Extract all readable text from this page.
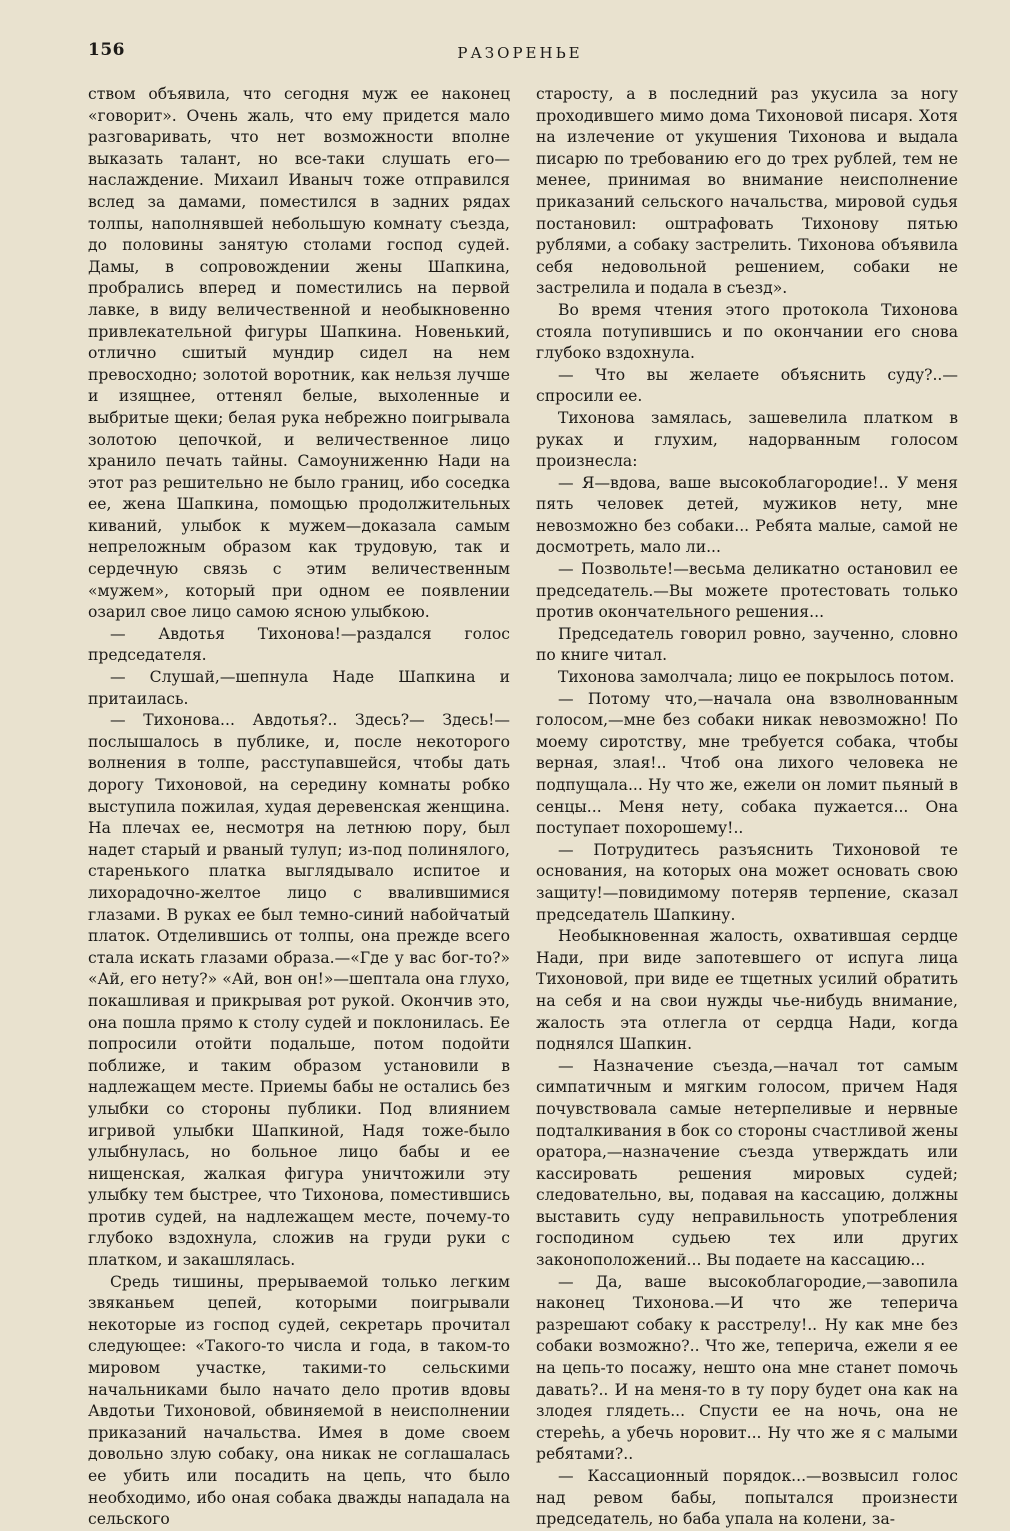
156	РАЗОРЕНЬЕ

ством объявила, что сегодня муж ее наконец «говорит». Очень жаль, что ему придется мало разговаривать, что нет возможности вполне выказать талант, но все-таки слушать его—наслаждение. Михаил Иваныч тоже отправился вслед за дамами, поместился в задних рядах толпы, наполнявшей небольшую комнату съезда, до половины занятую столами господ судей. Дамы, в сопровождении жены Шапкина, пробрались вперед и поместились на первой лавке, в виду величественной и необыкновенно привлекательной фигуры Шапкина. Новенький, отлично сшитый мундир сидел на нем превосходно; золотой воротник, как нельзя лучше и изящнее, оттенял белые, выхоленные и выбритые щеки; белая рука небрежно поигрывала золотою цепочкой, и величественное лицо хранило печать тайны. Самоуниженню Нади на этот раз решительно не было границ, ибо соседка ее, жена Шапкина, помощью продолжительных киваний, улыбок к мужем—доказала самым непреложным образом как трудовую, так и сердечную связь с этим величественным «мужем», который при одном ее появлении озарил свое лицо самою ясною улыбкою.

— Авдотья Тихонова!—раздался голос председателя.

— Слушай,—шепнула Наде Шапкина и притаилась.

— Тихонова... Авдотья?.. Здесь?— Здесь!—послышалось в публике, и, после некоторого волнения в толпе, расступавшейся, чтобы дать дорогу Тихоновой, на середину комнаты робко выступила пожилая, худая деревенская женщина. На плечах ее, несмотря на летнюю пору, был надет старый и рваный тулуп; из-под полинялого, старенького платка выглядывало испитое и лихорадочно-желтое лицо с ввалившимися глазами. В руках ее был темно-синий набойчатый платок. Отделившись от толпы, она прежде всего стала искать глазами образа.—«Где у вас бог-то?» «Ай, его нету?» «Ай, вон он!»—шептала она глухо, покашливая и прикрывая рот рукой. Окончив это, она пошла прямо к столу судей и поклонилась. Ее попросили отойти подальше, потом подойти поближе, и таким образом установили в надлежащем месте. Приемы бабы не остались без улыбки со стороны публики. Под влиянием игривой улыбки Шапкиной, Надя тоже-было улыбнулась, но больное лицо бабы и ее нищенская, жалкая фигура уничтожили эту улыбку тем быстрее, что Тихонова, поместившись против судей, на надлежащем месте, почему-то глубоко вздохнула, сложив на груди руки с платком, и закашлялась.

Средь тишины, прерываемой только легким звяканьем цепей, которыми поигрывали некоторые из господ судей, секретарь прочитал следующее: «Такого-то числа и года, в таком-то мировом участке, такими-то сельскими начальниками было начато дело против вдовы Авдотьи Тихоновой, обвиняемой в неисполнении приказаний начальства. Имея в доме своем довольно злую собаку, она никак не соглашалась ее убить или посадить на цепь, что было необходимо, ибо оная собака дважды нападала на сельского

старосту, а в последний раз укусила за ногу проходившего мимо дома Тихоновой писаря. Хотя на излечение от укушения Тихонова и выдала писарю по требованию его до трех рублей, тем не менее, принимая во внимание неисполнение приказаний сельского начальства, мировой судья постановил: оштрафовать Тихонову пятью рублями, а собаку застрелить. Тихонова объявила себя недовольной решением, собаки не застрелила и подала в съезд».

Во время чтения этого протокола Тихонова стояла потупившись и по окончании его снова глубоко вздохнула.

— Что вы желаете объяснить суду?..— спросили ее.

Тихонова замялась, зашевелила платком в руках и глухим, надорванным голосом произнесла:

— Я—вдова, ваше высокоблагородие!.. У меня пять человек детей, мужиков нету, мне невозможно без собаки... Ребята малые, самой не досмотреть, мало ли...

— Позвольте!—весьма деликатно остановил ее председатель.—Вы можете протестовать только против окончательного решения...

Председатель говорил ровно, заученно, словно по книге читал.

Тихонова замолчала; лицо ее покрылось потом.

— Потому что,—начала она взволнованным голосом,—мне без собаки никак невозможно! По моему сиротству, мне требуется собака, чтобы верная, злая!.. Чтоб она лихого человека не подпущала... Ну что же, ежели он ломит пьяный в сенцы... Меня нету, собака пужается... Она поступает похорошему!..

— Потрудитесь разъяснить Тихоновой те основания, на которых она может основать свою защиту!—повидимому потеряв терпение, сказал председатель Шапкину.

Необыкновенная жалость, охватившая сердце Нади, при виде запотевшего от испуга лица Тихоновой, при виде ее тщетных усилий обратить на себя и на свои нужды чье-нибудь внимание, жалость эта отлегла от сердца Нади, когда поднялся Шапкин.

— Назначение съезда,—начал тот самым симпатичным и мягким голосом, причем Надя почувствовала самые нетерпеливые и нервные подталкивания в бок со стороны счастливой жены оратора,—назначение съезда утверждать или кассировать решения мировых судей; следовательно, вы, подавая на кассацию, должны выставить суду неправильность употребления господином судьею тех или других законоположений... Вы подаете на кассацию...

— Да, ваше высокоблагородие,—завопила наконец Тихонова.—И что же теперича разрешают собаку к расстрелу!.. Ну как мне без собаки возможно?.. Что же, теперича, ежели я ее на цепь-то посажу, нешто она мне станет помочь давать?.. И на меня-то в ту пору будет она как на злодея глядеть... Спусти ее на ночь, она не стерећь, а убечь норовит... Ну что же я с малыми ребятами?..

— Кассационный порядок...—возвысил голос над ревом бабы, попытался произнести председатель, но баба упала на колени, за-
